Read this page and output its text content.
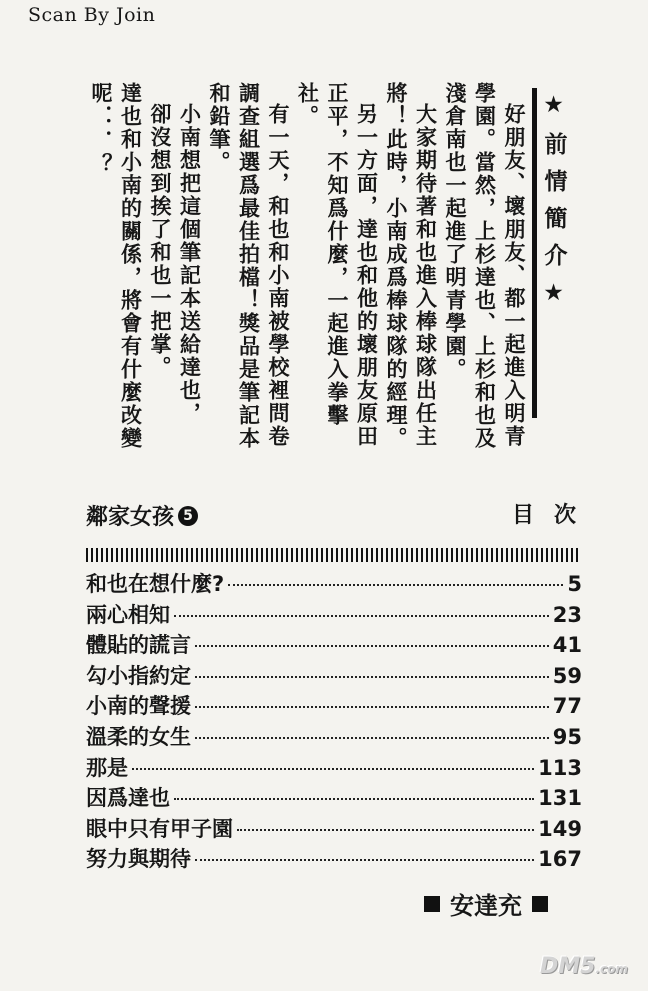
Scan By Join
★前情簡介★

好朋友、壞朋友、都一起進入明青學園。當然，上杉達也、上杉和也及淺倉南也一起進了明青學園。

大家期待著和也進入棒球隊出任主將！此時，小南成爲棒球隊的經理。

另一方面，達也和他的壞朋友原田正平，不知爲什麼，一起進入拳擊社。

有一天，和也和小南被學校裡問卷調查組選爲最佳拍檔！獎品是筆記本和鉛筆。

小南想把這個筆記本送給達也，

卻沒想到挨了和也一把掌。

達也和小南的關係，將會有什麼改變呢．．．？

鄰家女孩 5	目次
和也在想什麼?	5
兩心相知	23
體貼的謊言	41
勾小指約定	59
小南的聲援	77
溫柔的女生	95
那是	113
因爲達也	131
眼中只有甲子園	149
努力與期待	167
安達充
DM5.com
